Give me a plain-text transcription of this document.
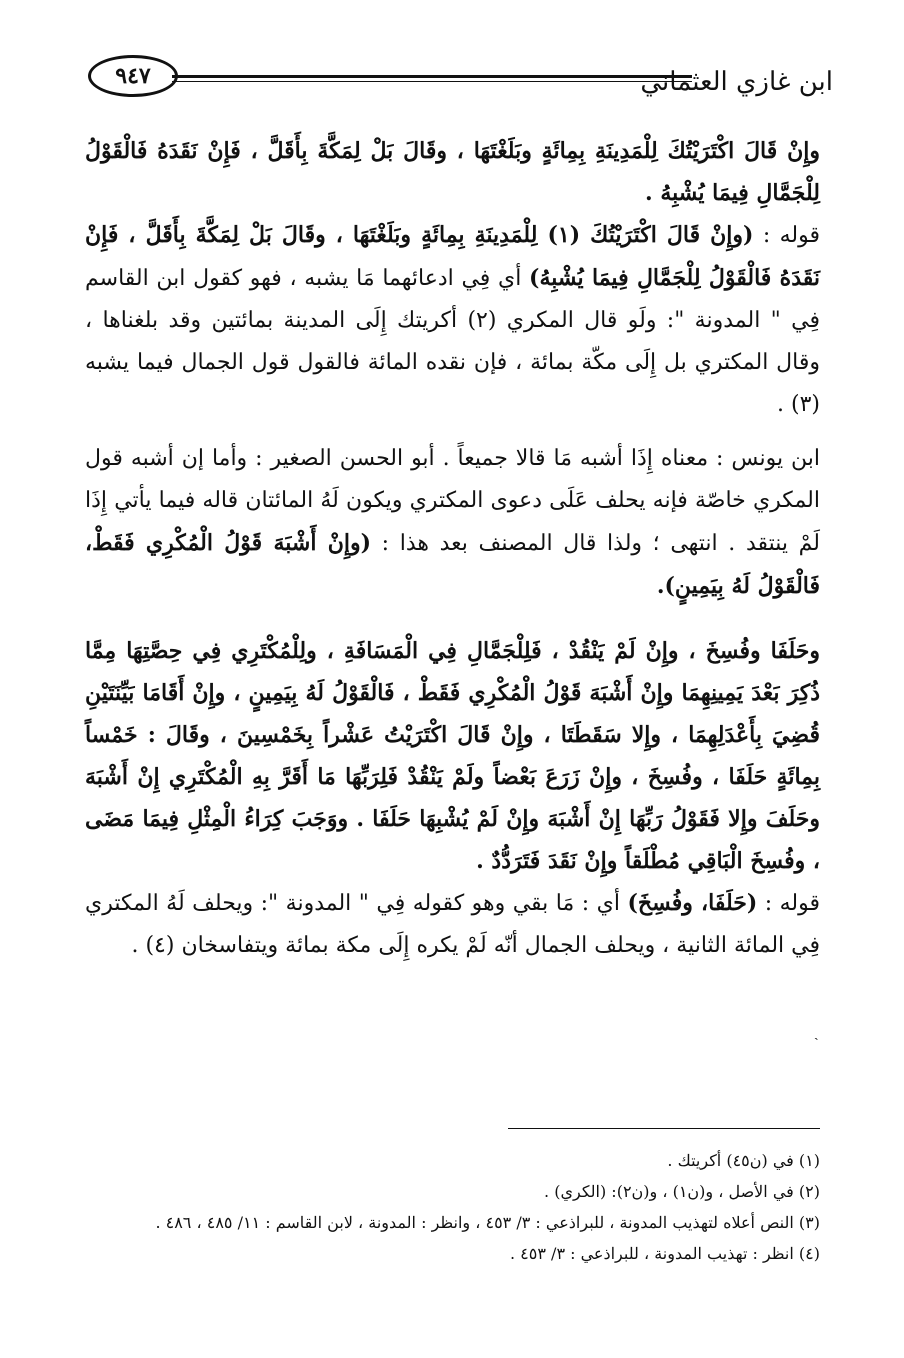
٩٤٧	ابن غازي العثماني

وإِنْ قَالَ اكْتَرَيْتُكَ لِلْمَدِينَةِ بِمِائَةٍ وبَلَغْتَهَا ، وقَالَ بَلْ لِمَكَّةَ بِأَقَلَّ ، فَإِنْ نَقَدَهُ فَالْقَوْلُ لِلْجَمَّالِ فِيمَا يُشْبِهُ .

قوله : (وإِنْ قَالَ اكْتَرَيْتُكَ (١) لِلْمَدِينَةِ بِمِائَةٍ وبَلَغْتَهَا ، وقَالَ بَلْ لِمَكَّةَ بِأَقَلَّ ، فَإِنْ نَقَدَهُ فَالْقَوْلُ لِلْجَمَّالِ فِيمَا يُشْبِهُ) أي فِي ادعائهما مَا يشبه ، فهو كقول ابن القاسم فِي " المدونة ": ولَو قال المكري (٢) أكريتك إِلَى المدينة بمائتين وقد بلغناها ، وقال المكتري بل إِلَى مكّة بمائة ، فإن نقده المائة فالقول قول الجمال فيما يشبه (٣) .

ابن يونس : معناه إِذَا أشبه مَا قالا جميعاً . أبو الحسن الصغير : وأما إن أشبه قول المكري خاصّة فإنه يحلف عَلَى دعوى المكتري ويكون لَهُ المائتان قاله فيما يأتي إِذَا لَمْ ينتقد . انتهى ؛ ولذا قال المصنف بعد هذا : (وإِنْ أَشْبَهَ قَوْلُ الْمُكْرِي فَقَطْ، فَالْقَوْلُ لَهُ بِيَمِينٍ).

وحَلَفَا وفُسِخَ ، وإِنْ لَمْ يَنْقُدْ ، فَلِلْجَمَّالِ فِي الْمَسَافَةِ ، ولِلْمُكْتَرِي فِي حِصَّتِهَا مِمَّا ذُكِرَ بَعْدَ يَمِينِهِمَا وإِنْ أَشْبَهَ قَوْلُ الْمُكْرِي فَقَطْ ، فَالْقَوْلُ لَهُ بِيَمِينٍ ، وإِنْ أَقَامَا بَيِّنَتَيْنِ قُضِيَ بِأَعْدَلِهِمَا ، وإِلا سَقَطَتَا ، وإِنْ قَالَ اكْتَرَيْتُ عَشْراً بِخَمْسِينَ ، وقَالَ : خَمْساً بِمِائَةٍ حَلَفَا ، وفُسِخَ ، وإِنْ زَرَعَ بَعْضاً ولَمْ يَنْقُدْ فَلِرَبِّهَا مَا أَقَرَّ بِهِ الْمُكْتَرِي إِنْ أَشْبَهَ وحَلَفَ وإِلا فَقَوْلُ رَبِّهَا إِنْ أَشْبَهَ وإِنْ لَمْ يُشْبِهَا حَلَفَا . ووَجَبَ كِرَاءُ الْمِثْلِ فِيمَا مَضَى ، وفُسِخَ الْبَاقِي مُطْلَقاً وإِنْ نَقَدَ فَتَرَدُّدٌ .

قوله : (حَلَفَا، وفُسِخَ) أي : مَا بقي وهو كقوله فِي " المدونة ": ويحلف لَهُ المكتري فِي المائة الثانية ، ويحلف الجمال أنّه لَمْ يكره إِلَى مكة بمائة ويتفاسخان (٤) .

ˎ

(١) في (ن٤٥) أكريتك .

(٢) في الأصل ، و(ن١) ، و(ن٢): (الكري) .

(٣) النص أعلاه لتهذيب المدونة ، للبراذعي : ٣/ ٤٥٣ ، وانظر : المدونة ، لابن القاسم : ١١/ ٤٨٥ ، ٤٨٦ .

(٤) انظر : تهذيب المدونة ، للبراذعي : ٣/ ٤٥٣ .
